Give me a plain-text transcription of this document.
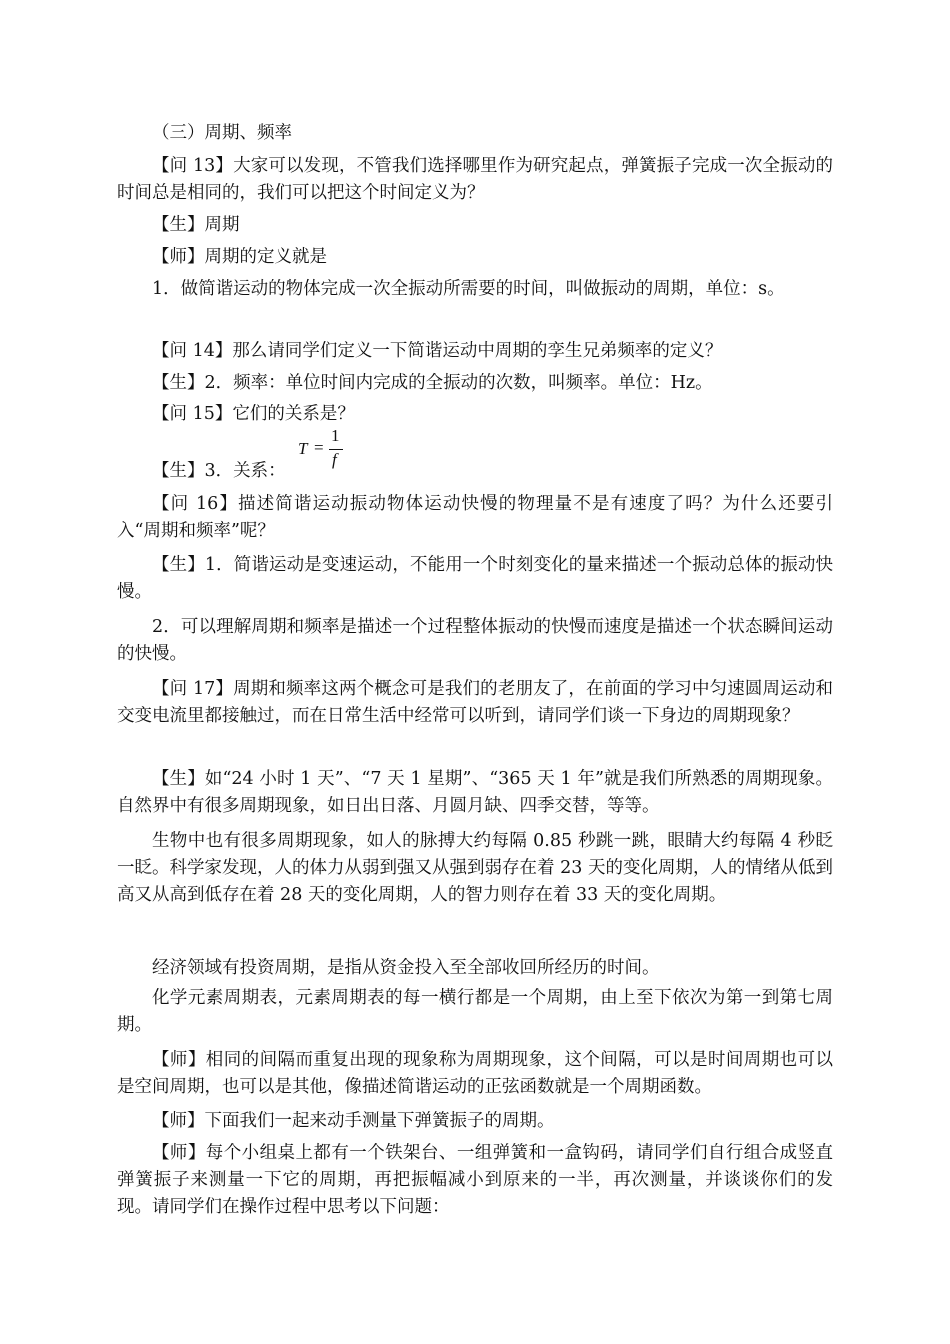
（三）周期、频率

【问 13】大家可以发现，不管我们选择哪里作为研究起点，弹簧振子完成一次全振动的时间总是相同的，我们可以把这个时间定义为？

【生】周期

【师】周期的定义就是

1．做简谐运动的物体完成一次全振动所需要的时间，叫做振动的周期，单位：s。

【问 14】那么请同学们定义一下简谐运动中周期的孪生兄弟频率的定义？

【生】2．频率：单位时间内完成的全振动的次数，叫频率。单位：Hz。

【问 15】它们的关系是？

【生】3．关系：
T =
1
f

【问 16】描述简谐运动振动物体运动快慢的物理量不是有速度了吗？为什么还要引入“周期和频率”呢？

【生】1．简谐运动是变速运动，不能用一个时刻变化的量来描述一个振动总体的振动快慢。

2．可以理解周期和频率是描述一个过程整体振动的快慢而速度是描述一个状态瞬间运动的快慢。

【问 17】周期和频率这两个概念可是我们的老朋友了，在前面的学习中匀速圆周运动和交变电流里都接触过，而在日常生活中经常可以听到，请同学们谈一下身边的周期现象？

【生】如“24 小时 1 天”、“7 天 1 星期”、“365 天 1 年”就是我们所熟悉的周期现象。自然界中有很多周期现象，如日出日落、月圆月缺、四季交替，等等。

生物中也有很多周期现象，如人的脉搏大约每隔 0.85 秒跳一跳，眼睛大约每隔 4 秒眨一眨。科学家发现，人的体力从弱到强又从强到弱存在着 23 天的变化周期，人的情绪从低到高又从高到低存在着 28 天的变化周期，人的智力则存在着 33 天的变化周期。

经济领域有投资周期，是指从资金投入至全部收回所经历的时间。

化学元素周期表，元素周期表的每一横行都是一个周期，由上至下依次为第一到第七周期。

【师】相同的间隔而重复出现的现象称为周期现象，这个间隔，可以是时间周期也可以是空间周期，也可以是其他，像描述简谐运动的正弦函数就是一个周期函数。

【师】下面我们一起来动手测量下弹簧振子的周期。

【师】每个小组桌上都有一个铁架台、一组弹簧和一盒钩码，请同学们自行组合成竖直弹簧振子来测量一下它的周期，再把振幅减小到原来的一半，再次测量，并谈谈你们的发现。请同学们在操作过程中思考以下问题：
